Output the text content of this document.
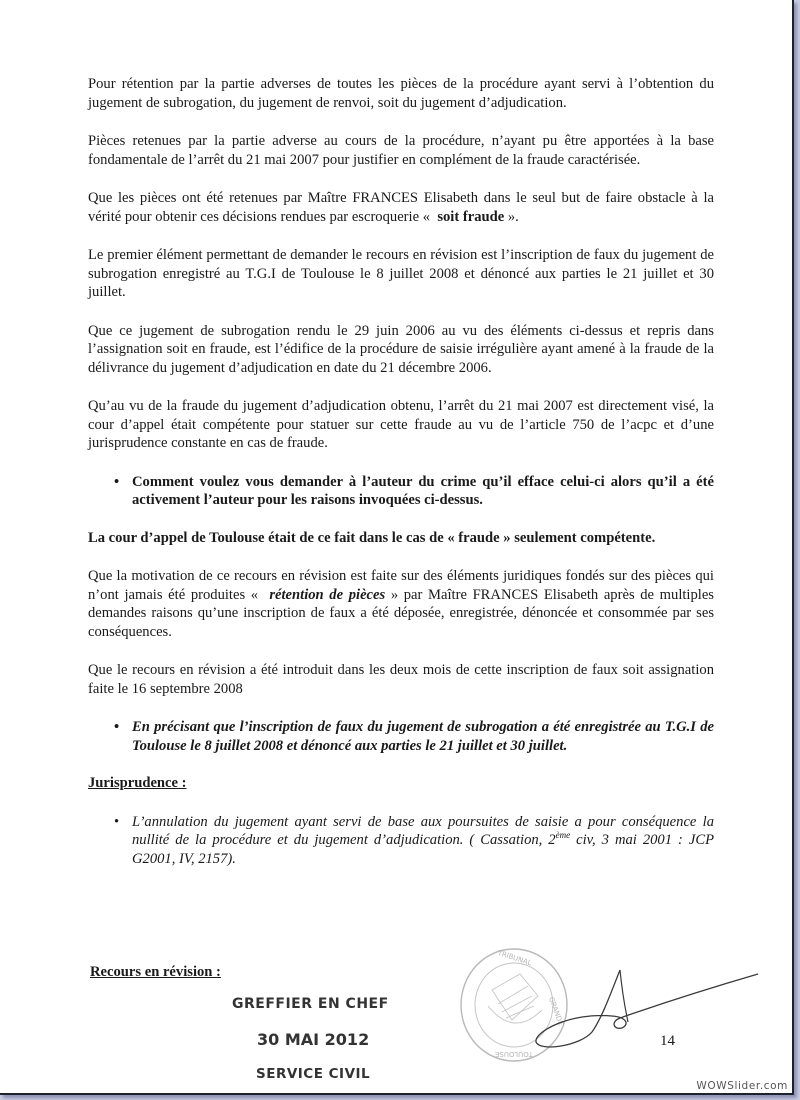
Pour rétention par la partie adverses de toutes les pièces de la procédure ayant servi à l’obtention du jugement de subrogation, du jugement de renvoi, soit du jugement d’adjudication.

Pièces retenues par la partie adverse au cours de la procédure, n’ayant pu être apportées à la base fondamentale de l’arrêt du 21 mai 2007 pour justifier en complément de la fraude caractérisée.

Que les pièces ont été retenues par Maître FRANCES Elisabeth dans le seul but de faire obstacle à la vérité pour obtenir ces décisions rendues par escroquerie « soit fraude ».

Le premier élément permettant de demander le recours en révision est l’inscription de faux du jugement de subrogation enregistré au T.G.I de Toulouse le 8 juillet 2008 et dénoncé aux parties le 21 juillet et 30 juillet.

Que ce jugement de subrogation rendu le 29 juin 2006 au vu des éléments ci-dessus et repris dans l’assignation soit en fraude, est l’édifice de la procédure de saisie irrégulière ayant amené à la fraude de la délivrance du jugement d’adjudication en date du 21 décembre 2006.

Qu’au vu de la fraude du jugement d’adjudication obtenu, l’arrêt du 21 mai 2007 est directement visé, la cour d’appel était compétente pour statuer sur cette fraude au vu de l’article 750 de l’acpc et d’une jurisprudence constante en cas de fraude.

• Comment voulez vous demander à l’auteur du crime qu’il efface celui-ci alors qu’il a été activement l’auteur pour les raisons invoquées ci-dessus.

La cour d’appel de Toulouse était de ce fait dans le cas de « fraude » seulement compétente.

Que la motivation de ce recours en révision est faite sur des éléments juridiques fondés sur des pièces qui n’ont jamais été produites « rétention de pièces » par Maître FRANCES Elisabeth après de multiples demandes raisons qu’une inscription de faux a été déposée, enregistrée, dénoncée et consommée par ses conséquences.

Que le recours en révision a été introduit dans les deux mois de cette inscription de faux soit assignation faite le 16 septembre 2008

• En précisant que l’inscription de faux du jugement de subrogation a été enregistrée au T.G.I de Toulouse le 8 juillet 2008 et dénoncé aux parties le 21 juillet et 30 juillet.

Jurisprudence :

• L’annulation du jugement ayant servi de base aux poursuites de saisie a pour conséquence la nullité de la procédure et du jugement d’adjudication. ( Cassation, 2ème civ, 3 mai 2001 : JCP G2001, IV, 2157).

Recours en révision :

GREFFIER EN CHEF
30 MAI 2012
SERVICE CIVIL
TRIBUNAL
GRANDE
TOULOUSE
14
WOWSlider.com
